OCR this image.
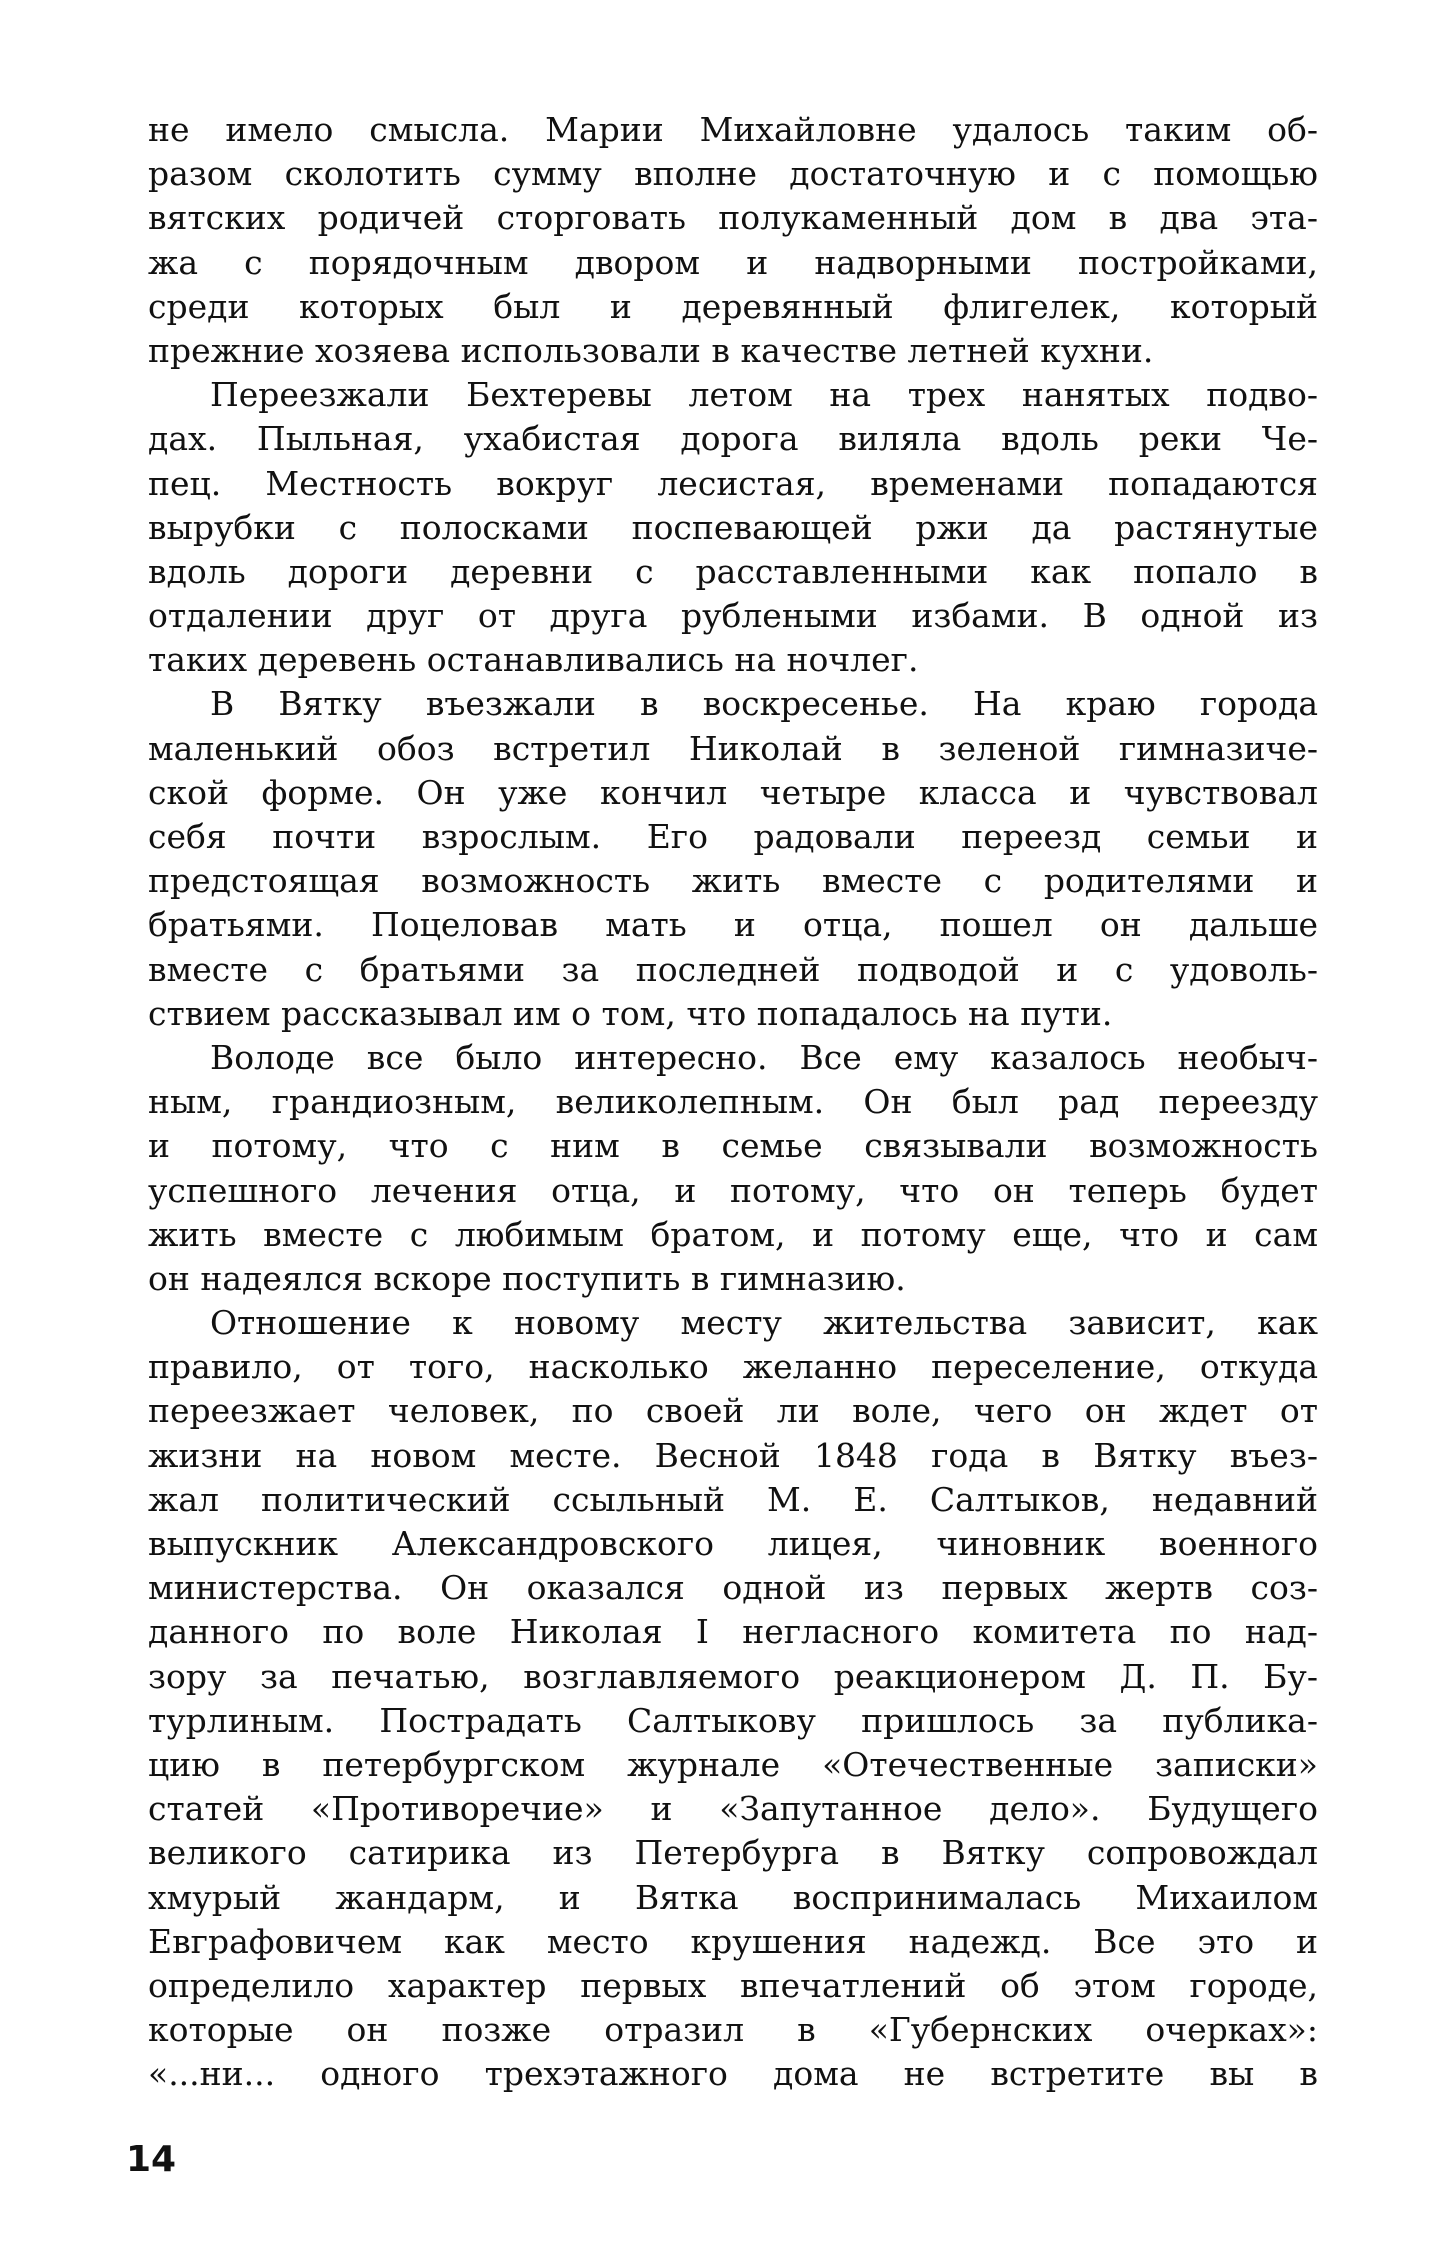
не имело смысла. Марии Михайловне удалось таким об-
разом сколотить сумму вполне достаточную и с помощью
вятских родичей сторговать полукаменный дом в два эта-
жа с порядочным двором и надворными постройками,
среди которых был и деревянный флигелек, который
прежние хозяева использовали в качестве летней кухни.
Переезжали Бехтеревы летом на трех нанятых подво-
дах. Пыльная, ухабистая дорога виляла вдоль реки Че-
пец. Местность вокруг лесистая, временами попадаются
вырубки с полосками поспевающей ржи да растянутые
вдоль дороги деревни с расставленными как попало в
отдалении друг от друга рублеными избами. В одной из
таких деревень останавливались на ночлег.
В Вятку въезжали в воскресенье. На краю города
маленький обоз встретил Николай в зеленой гимназиче-
ской форме. Он уже кончил четыре класса и чувствовал
себя почти взрослым. Его радовали переезд семьи и
предстоящая возможность жить вместе с родителями и
братьями. Поцеловав мать и отца, пошел он дальше
вместе с братьями за последней подводой и с удоволь-
ствием рассказывал им о том, что попадалось на пути.
Володе все было интересно. Все ему казалось необыч-
ным, грандиозным, великолепным. Он был рад переезду
и потому, что с ним в семье связывали возможность
успешного лечения отца, и потому, что он теперь будет
жить вместе с любимым братом, и потому еще, что и сам
он надеялся вскоре поступить в гимназию.
Отношение к новому месту жительства зависит, как
правило, от того, насколько желанно переселение, откуда
переезжает человек, по своей ли воле, чего он ждет от
жизни на новом месте. Весной 1848 года в Вятку въез-
жал политический ссыльный М. Е. Салтыков, недавний
выпускник Александровского лицея, чиновник военного
министерства. Он оказался одной из первых жертв соз-
данного по воле Николая I негласного комитета по над-
зору за печатью, возглавляемого реакционером Д. П. Бу-
турлиным. Пострадать Салтыкову пришлось за публика-
цию в петербургском журнале «Отечественные записки»
статей «Противоречие» и «Запутанное дело». Будущего
великого сатирика из Петербурга в Вятку сопровождал
хмурый жандарм, и Вятка воспринималась Михаилом
Евграфовичем как место крушения надежд. Все это и
определило характер первых впечатлений об этом городе,
которые он позже отразил в «Губернских очерках»:
«...ни... одного трехэтажного дома не встретите вы в
14
